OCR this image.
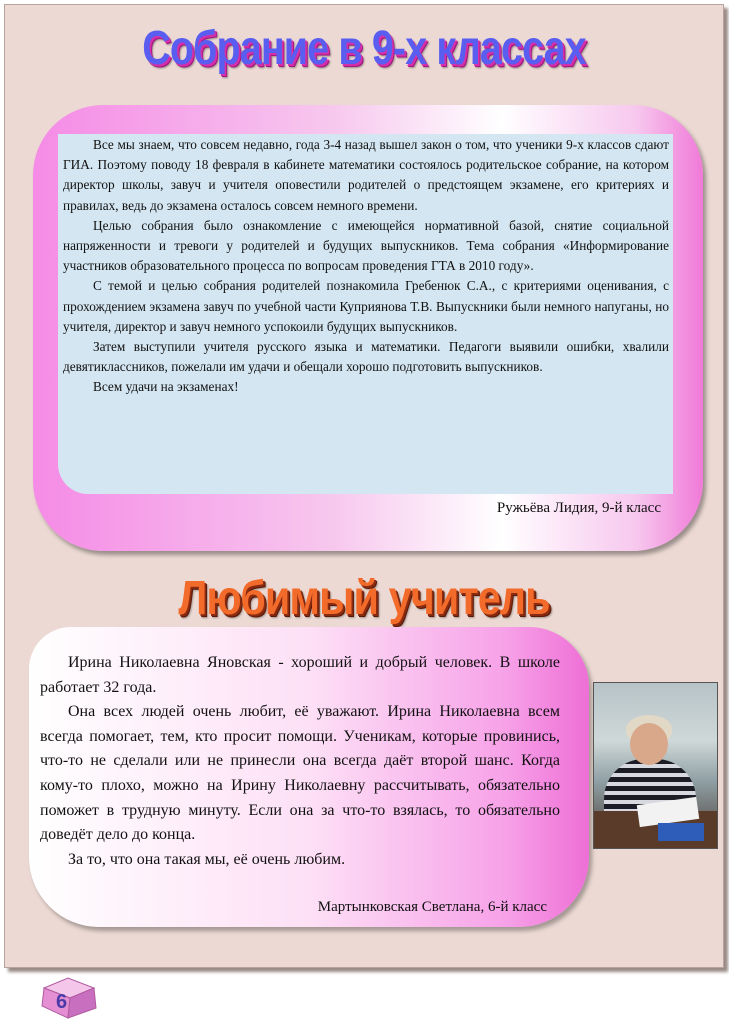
Собрание в 9-х классах

Все мы знаем, что совсем недавно, года 3-4 назад вышел закон о том, что ученики 9-х классов сдают ГИА. Поэтому поводу 18 февраля в кабинете математики состоялось родительское собрание, на котором директор школы, завуч и учителя оповестили родителей о предстоящем экзамене, его критериях и правилах, ведь до экзамена осталось совсем немного времени.

Целью собрания было ознакомление с имеющейся нормативной базой, снятие социальной напряженности и тревоги у родителей и будущих выпускников. Тема собрания «Информирование участников образовательного процесса по вопросам проведения ГТА в 2010 году».

С темой и целью собрания родителей познакомила Гребенюк С.А., с критериями оценивания, с прохождением экзамена завуч по учебной части Куприянова Т.В. Выпускники были немного напуганы, но учителя, директор и завуч немного успокоили будущих выпускников.

Затем выступили учителя русского языка и математики. Педагоги выявили ошибки, хвалили девятиклассников, пожелали им удачи и обещали хорошо подготовить выпускников.

Всем удачи на экзаменах!

Ружьёва Лидия, 9-й класс
Любимый учитель

Ирина Николаевна Яновская - хороший и добрый человек. В школе работает 32 года.

Она всех людей очень любит, её уважают. Ирина Николаевна всем всегда помогает, тем, кто просит помощи. Ученикам, которые провинись, что-то не сделали или не принесли она всегда даёт второй шанс. Когда кому-то плохо, можно на Ирину Николаевну рассчитывать, обязательно поможет в трудную минуту. Если она за что-то взялась, то обязательно доведёт дело до конца.

За то, что она такая мы, её очень любим.

Мартынковская Светлана, 6-й класс
6
